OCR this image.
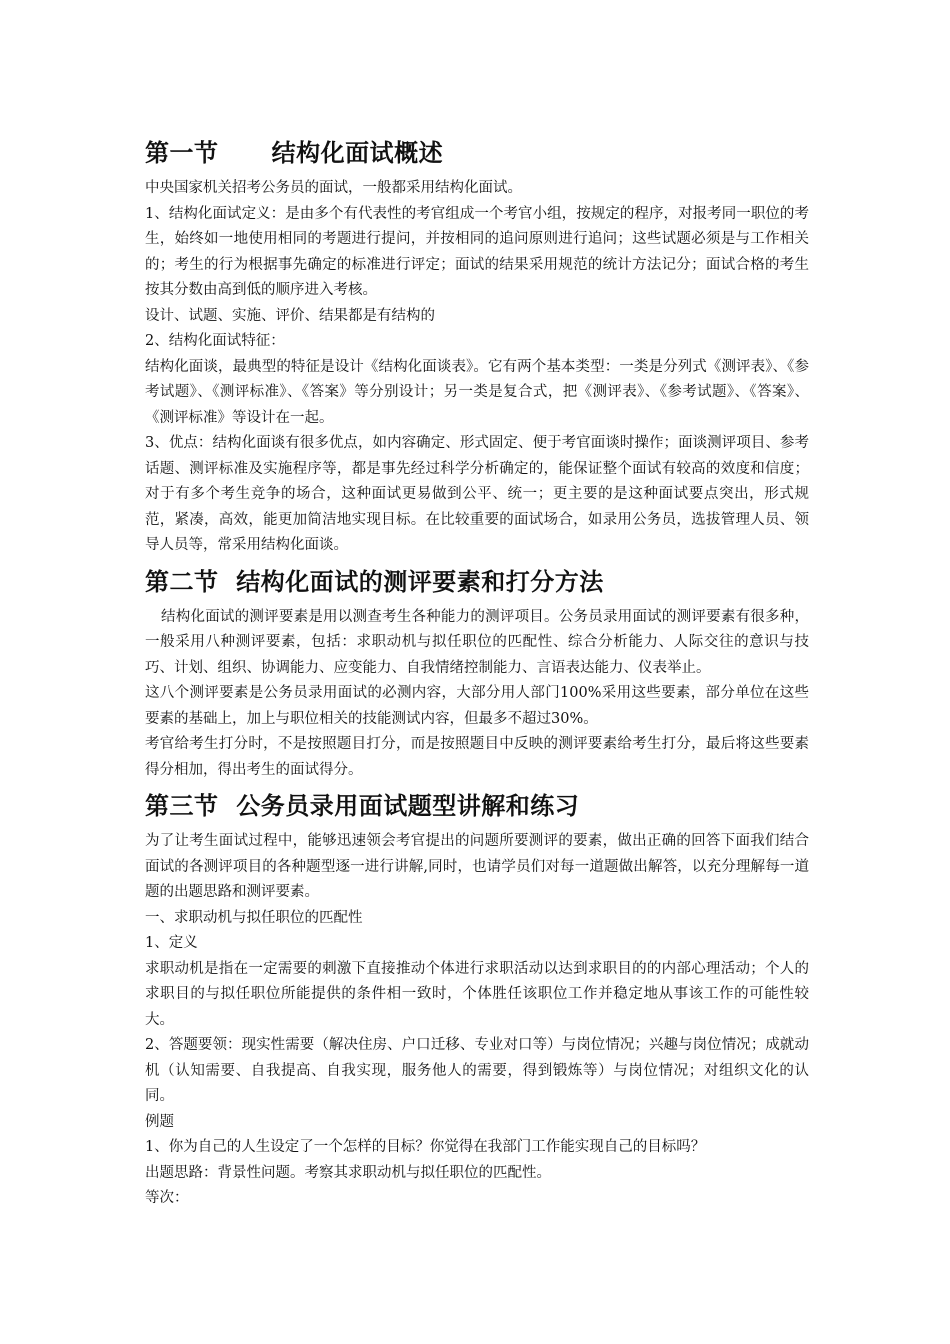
第一节      结构化面试概述

中央国家机关招考公务员的面试，一般都采用结构化面试。

1、结构化面试定义：是由多个有代表性的考官组成一个考官小组，按规定的程序，对报考同一职位的考生，始终如一地使用相同的考题进行提问，并按相同的追问原则进行追问；这些试题必须是与工作相关的；考生的行为根据事先确定的标准进行评定；面试的结果采用规范的统计方法记分；面试合格的考生按其分数由高到低的顺序进入考核。

设计、试题、实施、评价、结果都是有结构的

2、结构化面试特征：

结构化面谈，最典型的特征是设计《结构化面谈表》。它有两个基本类型：一类是分列式《测评表》、《参考试题》、《测评标准》、《答案》等分别设计；另一类是复合式，把《测评表》、《参考试题》、《答案》、《测评标准》等设计在一起。

3、优点：结构化面谈有很多优点，如内容确定、形式固定、便于考官面谈时操作；面谈测评项目、参考话题、测评标准及实施程序等，都是事先经过科学分析确定的，能保证整个面试有较高的效度和信度；对于有多个考生竞争的场合，这种面试更易做到公平、统一；更主要的是这种面试要点突出，形式规范，紧凑，高效，能更加简洁地实现目标。在比较重要的面试场合，如录用公务员，选拔管理人员、领导人员等，常采用结构化面谈。

第二节  结构化面试的测评要素和打分方法

结构化面试的测评要素是用以测查考生各种能力的测评项目。公务员录用面试的测评要素有很多种，一般采用八种测评要素，包括：求职动机与拟任职位的匹配性、综合分析能力、人际交往的意识与技巧、计划、组织、协调能力、应变能力、自我情绪控制能力、言语表达能力、仪表举止。

这八个测评要素是公务员录用面试的必测内容，大部分用人部门100%采用这些要素，部分单位在这些要素的基础上，加上与职位相关的技能测试内容，但最多不超过30%。

考官给考生打分时，不是按照题目打分，而是按照题目中反映的测评要素给考生打分，最后将这些要素得分相加，得出考生的面试得分。

第三节  公务员录用面试题型讲解和练习

为了让考生面试过程中，能够迅速领会考官提出的问题所要测评的要素，做出正确的回答下面我们结合面试的各测评项目的各种题型逐一进行讲解,同时，也请学员们对每一道题做出解答，以充分理解每一道题的出题思路和测评要素。

一、求职动机与拟任职位的匹配性

1、定义

求职动机是指在一定需要的刺激下直接推动个体进行求职活动以达到求职目的的内部心理活动；个人的求职目的与拟任职位所能提供的条件相一致时，个体胜任该职位工作并稳定地从事该工作的可能性较大。

2、答题要领：现实性需要（解决住房、户口迁移、专业对口等）与岗位情况；兴趣与岗位情况；成就动机（认知需要、自我提高、自我实现，服务他人的需要，得到锻炼等）与岗位情况；对组织文化的认同。

例题

1、你为自己的人生设定了一个怎样的目标？你觉得在我部门工作能实现自己的目标吗？

出题思路：背景性问题。考察其求职动机与拟任职位的匹配性。

等次：
